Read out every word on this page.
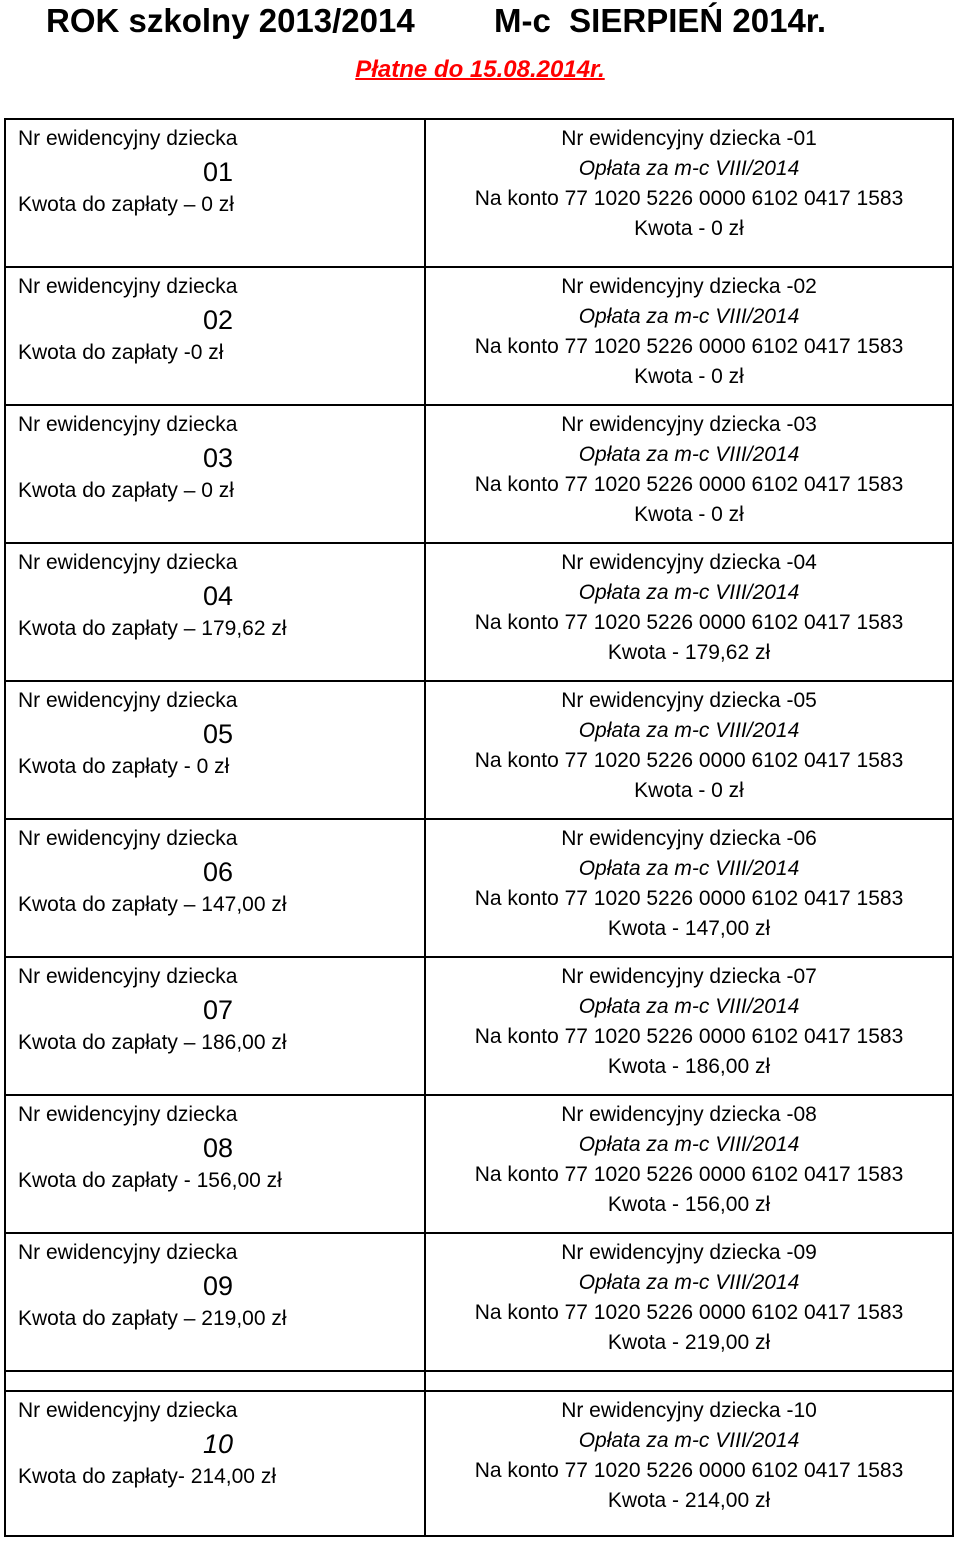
ROK szkolny 2013/2014

M-c  SIERPIEŃ 2014r.

Płatne do 15.08.2014r.
Nr ewidencyjny dziecka
01
Kwota do zapłaty – 0 zł	Nr ewidencyjny dziecka -01
Opłata za m-c VIII/2014
Na konto 77 1020 5226 0000 6102 0417 1583
Kwota - 0 zł

Nr ewidencyjny dziecka
02
Kwota do zapłaty -0 zł	Nr ewidencyjny dziecka -02
Opłata za m-c VIII/2014
Na konto 77 1020 5226 0000 6102 0417 1583
Kwota - 0 zł

Nr ewidencyjny dziecka
03
Kwota do zapłaty – 0 zł	Nr ewidencyjny dziecka -03
Opłata za m-c VIII/2014
Na konto 77 1020 5226 0000 6102 0417 1583
Kwota - 0 zł

Nr ewidencyjny dziecka
04
Kwota do zapłaty – 179,62 zł	Nr ewidencyjny dziecka -04
Opłata za m-c VIII/2014
Na konto 77 1020 5226 0000 6102 0417 1583
Kwota - 179,62 zł

Nr ewidencyjny dziecka
05
Kwota do zapłaty - 0 zł	Nr ewidencyjny dziecka -05
Opłata za m-c VIII/2014
Na konto 77 1020 5226 0000 6102 0417 1583
Kwota - 0 zł

Nr ewidencyjny dziecka
06
Kwota do zapłaty – 147,00 zł	Nr ewidencyjny dziecka -06
Opłata za m-c VIII/2014
Na konto 77 1020 5226 0000 6102 0417 1583
Kwota - 147,00 zł

Nr ewidencyjny dziecka
07
Kwota do zapłaty – 186,00 zł	Nr ewidencyjny dziecka -07
Opłata za m-c VIII/2014
Na konto 77 1020 5226 0000 6102 0417 1583
Kwota - 186,00 zł

Nr ewidencyjny dziecka
08
Kwota do zapłaty - 156,00 zł	Nr ewidencyjny dziecka -08
Opłata za m-c VIII/2014
Na konto 77 1020 5226 0000 6102 0417 1583
Kwota - 156,00 zł

Nr ewidencyjny dziecka
09
Kwota do zapłaty – 219,00 zł	Nr ewidencyjny dziecka -09
Opłata za m-c VIII/2014
Na konto 77 1020 5226 0000 6102 0417 1583
Kwota - 219,00 zł

Nr ewidencyjny dziecka
10
Kwota do zapłaty- 214,00 zł	Nr ewidencyjny dziecka -10
Opłata za m-c VIII/2014
Na konto 77 1020 5226 0000 6102 0417 1583
Kwota - 214,00 zł
